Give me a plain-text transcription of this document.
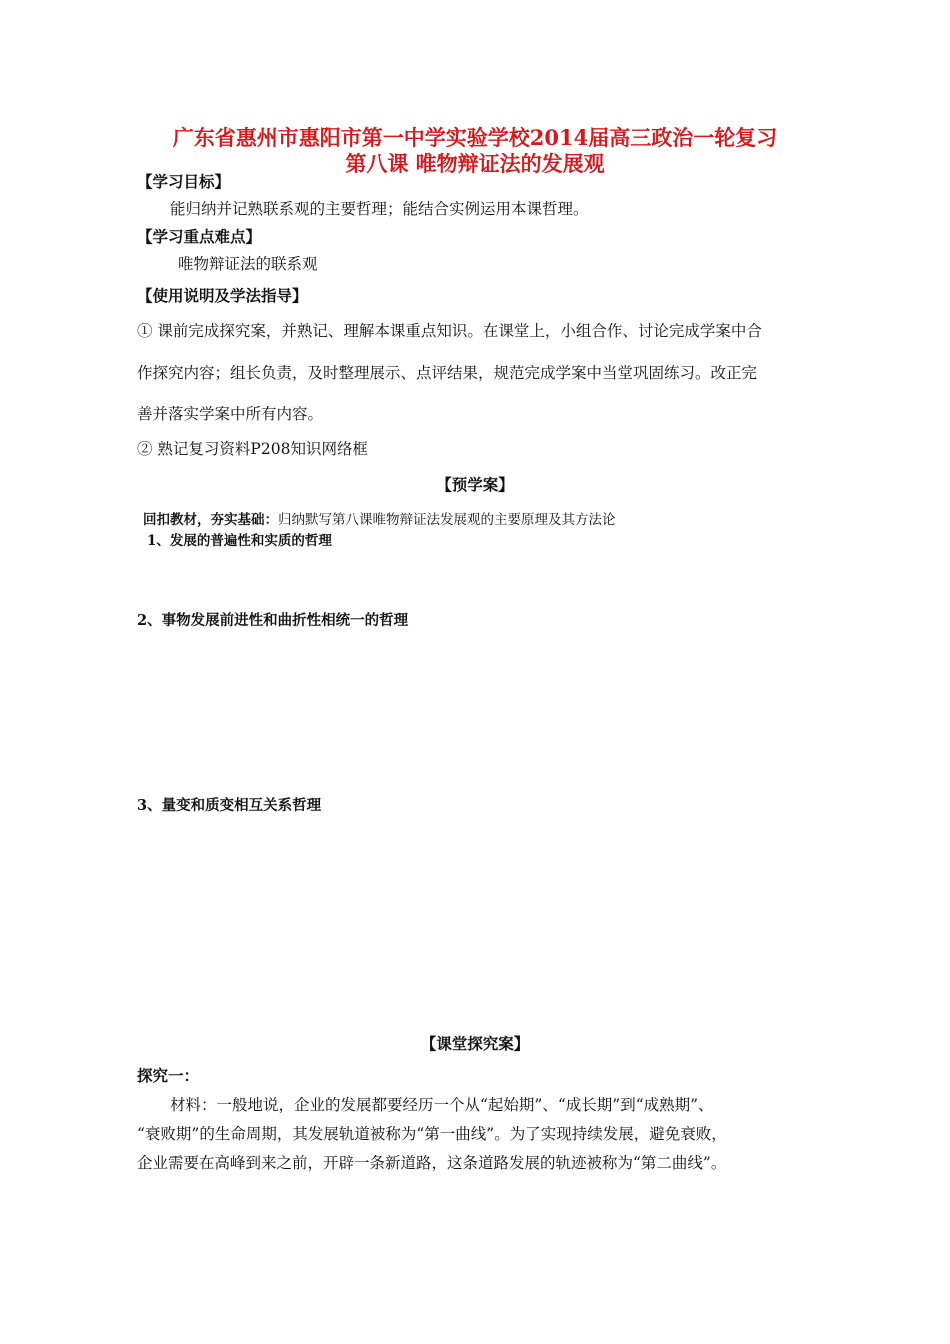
广东省惠州市惠阳市第一中学实验学校2014届高三政治一轮复习
第八课 唯物辩证法的发展观
【学习目标】
能归纳并记熟联系观的主要哲理；能结合实例运用本课哲理。
【学习重点难点】
唯物辩证法的联系观
【使用说明及学法指导】
① 课前完成探究案，并熟记、理解本课重点知识。在课堂上，小组合作、讨论完成学案中合
作探究内容；组长负责，及时整理展示、点评结果，规范完成学案中当堂巩固练习。改正完
善并落实学案中所有内容。
② 熟记复习资料P208知识网络框
【预学案】
回扣教材，夯实基础：归纳默写第八课唯物辩证法发展观的主要原理及其方法论
1、发展的普遍性和实质的哲理
2、事物发展前进性和曲折性相统一的哲理
3、量变和质变相互关系哲理
【课堂探究案】
探究一：
材料：一般地说，企业的发展都要经历一个从“起始期”、“成长期”到“成熟期”、
“衰败期”的生命周期，其发展轨道被称为“第一曲线”。为了实现持续发展，避免衰败，
企业需要在高峰到来之前，开辟一条新道路，这条道路发展的轨迹被称为“第二曲线”。
